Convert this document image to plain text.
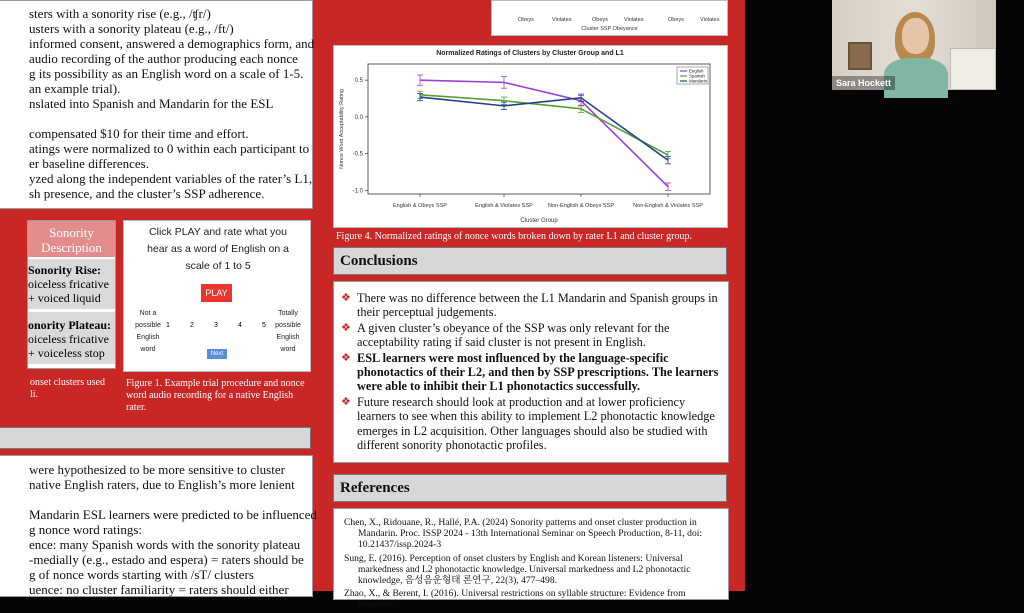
sters with a sonority rise (e.g., /ʧr/)
usters with a sonority plateau (e.g., /ft/)
informed consent, answered a demographics form, and
audio recording of the author producing each nonce
g its possibility as an English word on a scale of 1-5.
an example trial).
nslated into Spanish and Mandarin for the ESL

compensated $10 for their time and effort.
atings were normalized to 0 within each participant to
er baseline differences.
yzed along the independent variables of the rater’s L1,
sh presence, and the cluster’s SSP adherence.
Sonority Description
Sonority Rise:
oiceless fricative
+ voiced liquid
onority Plateau:
oiceless fricative
+ voiceless stop
onset clusters used li.
Click PLAY and rate what you hear as a word of English on a scale of 1 to 5
PLAY
Not a possible English word
Totally possible English word
1	2	3	4	5
Next
Figure 1. Example trial procedure and nonce word audio recording for a native English rater.
were hypothesized to be more sensitive to cluster
native English raters, due to English’s more lenient

Mandarin ESL learners were predicted to be influenced
g nonce word ratings:
ence: many Spanish words with the sonority plateau
-medially (e.g., estado and espera) = raters should be
g of nonce words starting with /sT/ clusters
uence: no cluster familiarity = raters should either
Obeys	Violates	Obeys	Violates	Obeys	Violates
Cluster SSP Obeyance
Normalized Ratings of Clusters by Cluster Group and L1
-1.0
-0.5
0.0
0.5
English & Obeys SSP	English & Violates SSP	Non-English & Obeys SSP	Non-English & Violates SSP
Cluster Group
Nonce Word Acceptability Rating
English
Spanish
Mandarin
Figure 4. Normalized ratings of nonce words broken down by rater L1 and cluster group.
Conclusions
❖ There was no difference between the L1 Mandarin and Spanish groups in their perceptual judgements.
❖ A given cluster’s obeyance of the SSP was only relevant for the acceptability rating if said cluster is not present in English.
❖ ESL learners were most influenced by the language-specific phonotactics of their L2, and then by SSP prescriptions. The learners were able to inhibit their L1 phonotactics successfully.
❖ Future research should look at production and at lower proficiency learners to see when this ability to implement L2 phonotactic knowledge emerges in L2 acquisition. Other languages should also be studied with different sonority phonotactic profiles.
References
Chen, X., Ridouane, R., Hallé, P.A. (2024) Sonority patterns and onset cluster production in Mandarin. Proc. ISSP 2024 - 13th International Seminar on Speech Production, 8-11, doi: 10.21437/issp.2024-3
Sung, E. (2016). Perception of onset clusters by English and Korean listeners: Universal markedness and L2 phonotactic knowledge. Universal markedness and L2 phonotactic knowledge, 음성음운형태 론연구, 22(3), 477–498.
Zhao, X., & Berent, I. (2016). Universal restrictions on syllable structure: Evidence from Mandarin
Sara Hockett
